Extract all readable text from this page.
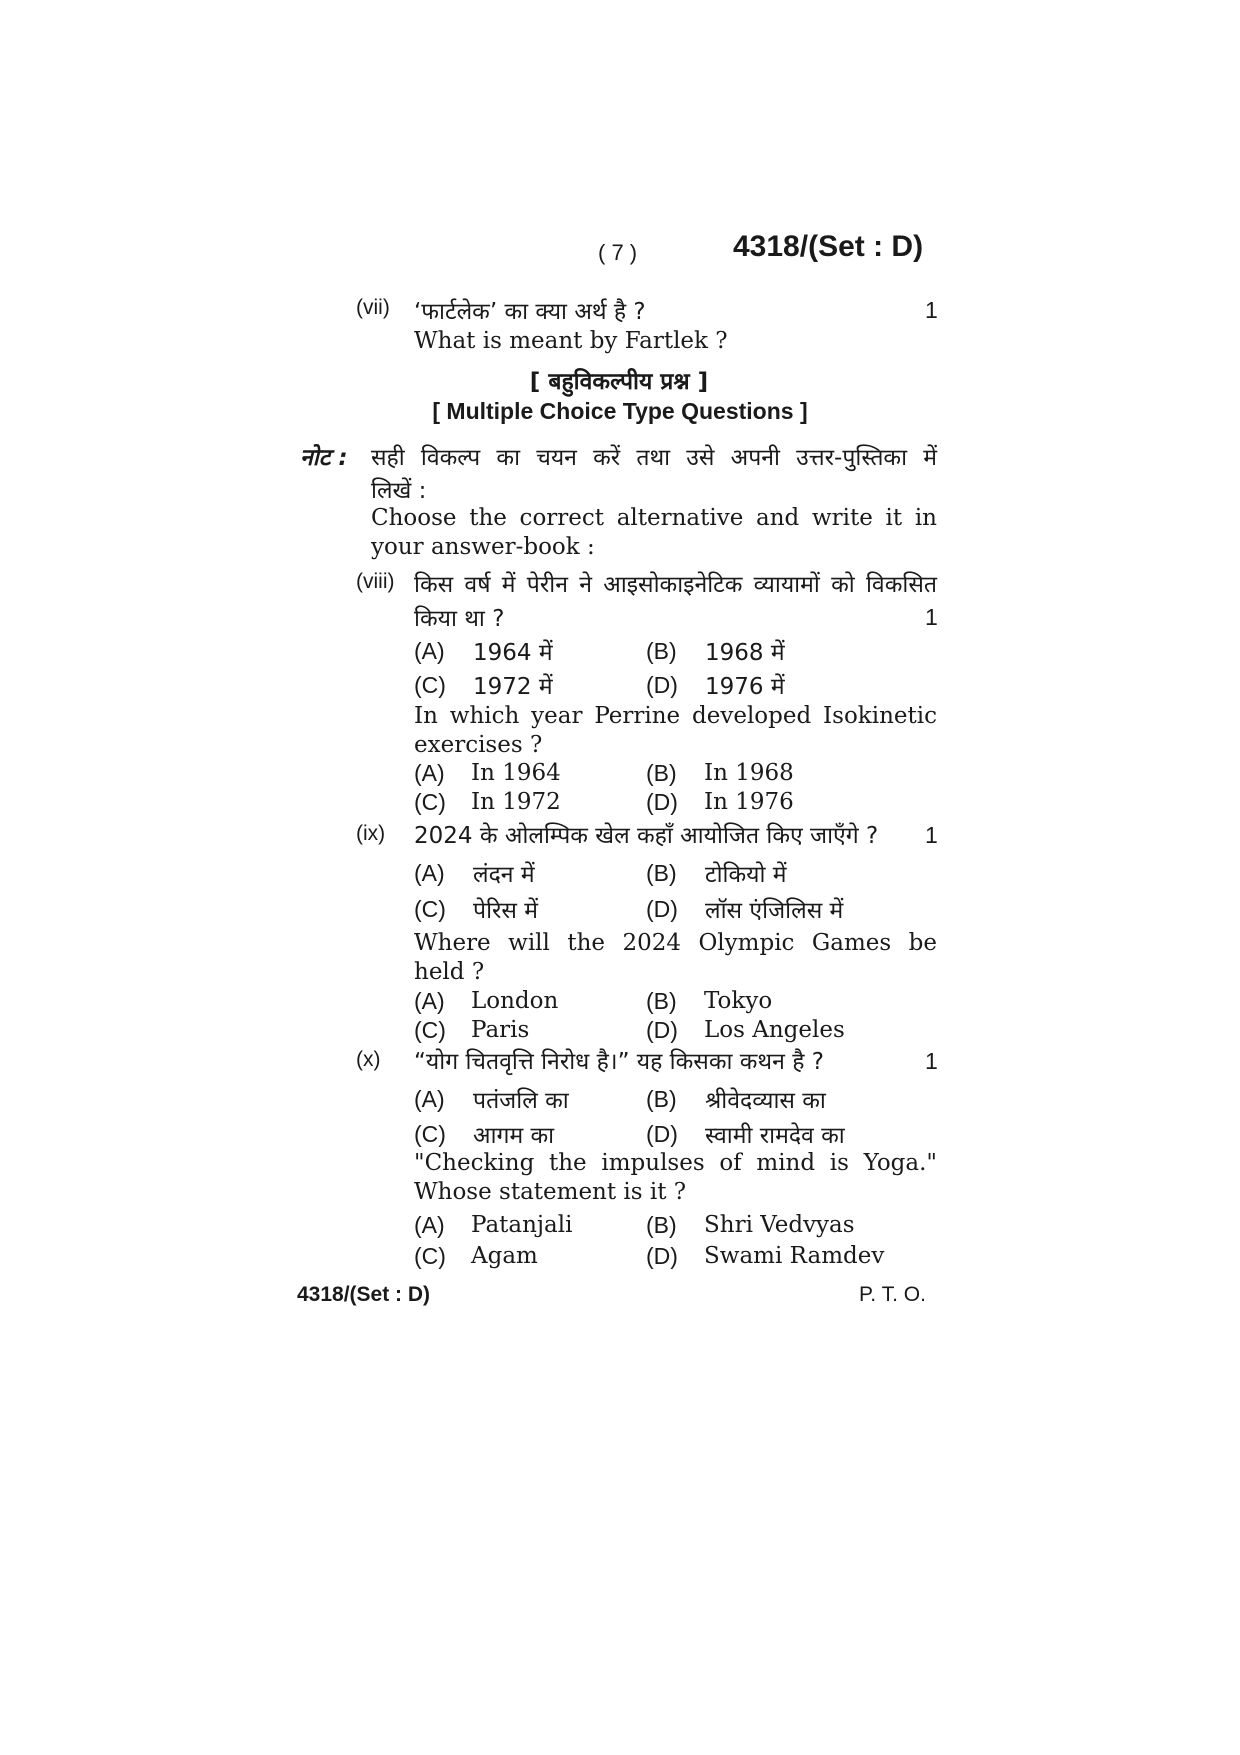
( 7 )	4318/(Set : D)
(vii) ‘फार्टलेक’ का क्या अर्थ है ?	1
What is meant by Fartlek ?
[ बहुविकल्पीय प्रश्न ]
[ Multiple Choice Type Questions ]
नोट : सही विकल्प का चयन करें तथा उसे अपनी उत्तर-पुस्तिका में
लिखें :
Choose the correct alternative and write it in
your answer-book :
(viii) किस वर्ष में पेरीन ने आइसोकाइनेटिक व्यायामों को विकसित
किया था ?	1
(A) 1964 में	(B) 1968 में
(C) 1972 में	(D) 1976 में
In which year Perrine developed Isokinetic
exercises ?
(A) In 1964	(B) In 1968
(C) In 1972	(D) In 1976
(ix) 2024 के ओलम्पिक खेल कहाँ आयोजित किए जाएँगे ? 1
(A) लंदन में	(B) टोकियो में
(C) पेरिस में	(D) लॉस एंजिलिस में
Where will the 2024 Olympic Games be
held ?
(A) London	(B) Tokyo
(C) Paris	(D) Los Angeles
(x) “योग चितवृत्ति निरोध है।” यह किसका कथन है ?	1
(A) पतंजलि का	(B) श्रीवेदव्यास का
(C) आगम का	(D) स्वामी रामदेव का
"Checking the impulses of mind is Yoga."
Whose statement is it ?
(A) Patanjali	(B) Shri Vedvyas
(C) Agam	(D) Swami Ramdev
4318/(Set : D)	P. T. O.
